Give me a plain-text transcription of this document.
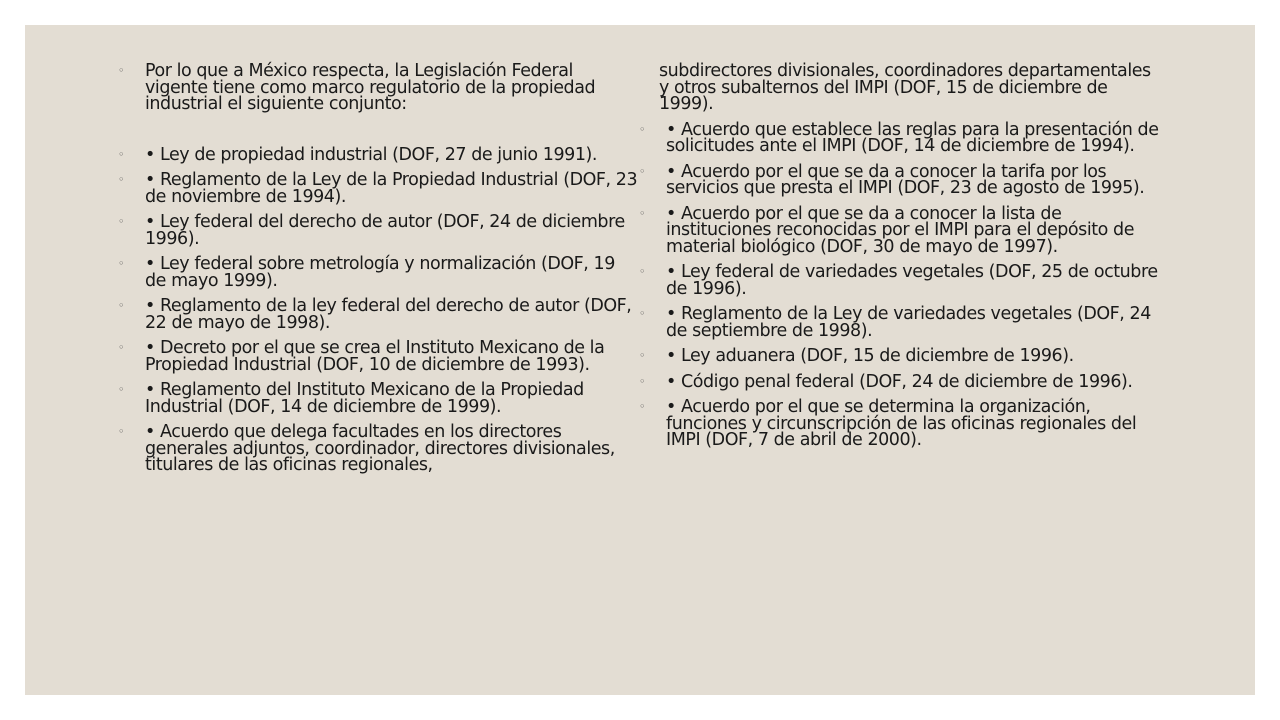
◦ Por lo que a México respecta, la Legislación Federal vigente tiene como marco regulatorio de la propiedad industrial el siguiente conjunto:
◦ • Ley de propiedad industrial (DOF, 27 de junio 1991).
◦ • Reglamento de la Ley de la Propiedad Industrial (DOF, 23 de noviembre de 1994).
◦ • Ley federal del derecho de autor (DOF, 24 de diciembre 1996).
◦ • Ley federal sobre metrología y normalización (DOF, 19 de mayo 1999).
◦ • Reglamento de la ley federal del derecho de autor (DOF, 22 de mayo de 1998).
◦ • Decreto por el que se crea el Instituto Mexicano de la Propiedad Industrial (DOF, 10 de diciembre de 1993).
◦ • Reglamento del Instituto Mexicano de la Propiedad Industrial (DOF, 14 de diciembre de 1999).
◦ • Acuerdo que delega facultades en los directores generales adjuntos, coordinador, directores divisionales, titulares de las oficinas regionales,
subdirectores divisionales, coordinadores departamentales y otros subalternos del IMPI (DOF, 15 de diciembre de 1999).
◦ • Acuerdo que establece las reglas para la presentación de solicitudes ante el IMPI (DOF, 14 de diciembre de 1994).
◦ • Acuerdo por el que se da a conocer la tarifa por los servicios que presta el IMPI (DOF, 23 de agosto de 1995).
◦ • Acuerdo por el que se da a conocer la lista de instituciones reconocidas por el IMPI para el depósito de material biológico (DOF, 30 de mayo de 1997).
◦ • Ley federal de variedades vegetales (DOF, 25 de octubre de 1996).
◦ • Reglamento de la Ley de variedades vegetales (DOF, 24 de septiembre de 1998).
◦ • Ley aduanera (DOF, 15 de diciembre de 1996).
◦ • Código penal federal (DOF, 24 de diciembre de 1996).
◦ • Acuerdo por el que se determina la organización, funciones y circunscripción de las oficinas regionales del IMPI (DOF, 7 de abril de 2000).
